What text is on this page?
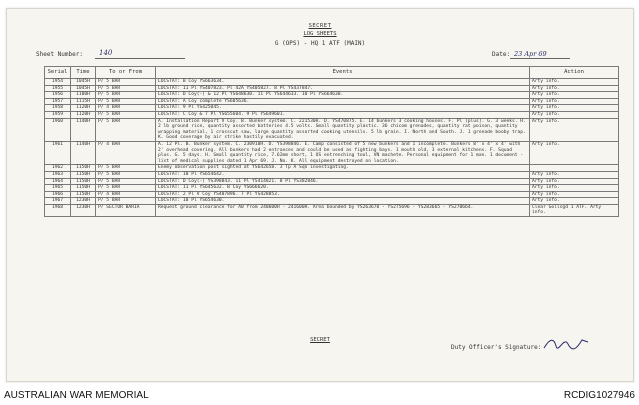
SECRET
LOG SHEETS
G (OPS) - HQ 1 ATF (MAIN)
Sheet Number: 140	Date: 23 Apr 69
Serial	Time	To or From	Events	Action
1954	1045H	P/ 5 BAR	LOCSTAT: B Coy YS663634.	Arty info.
1955	1045H	P/ 5 BAR	LOCSTAT: 11 Pl YS407823. Pl 42A YS405827. 8 Pl YS437847.	Arty info.
1956	1100H	P/ 5 BAR	LOCSTAT: D Coy(-) & 12 Pl YS648630. 11 Pl YS644633. 10 Pl YS664630.	Arty info.
1957	1115H	P/ 5 BAR	LOCSTAT: A Coy complete YS605636.	Arty info.
1958	1120H	P/ 4 BAR	LOCSTAT: 9 Pl YS425045.	Arty info.
1959	1120H	P/ 5 BAR	LOCSTAT: C Coy & 7 Pl YS655604. 9 Pl YS649601.	Arty info.
1960	1140H	P/ 5 BAR	A. Installation Report V Coy. B. Bunker system. C. 221530H. D. YS470875. E. 14 bunkers 3 cooking houses. F. Pl (plus). G. 3 weeks. H. 2 lb ground rice, quantity assorted batteries 4.5 volts. Small quantity plastic. 36 chicom grenades, quantity rat poison, quantity wrapping material, 1 crosscut saw, large quantity assorted cooking utensils. 5 lb grain. I. North and South. J. 1 grenade booby trap. K. Good coverage by air strike hastily evacuated.	Arty info.
1961	1140H	P/ 4 BAR	A. 12 Pl. B. Bunker system. C. 230910H. D. YS398846. E. Camp consisted of 5 new bunkers and 1 incomplete. Bunkers 8' x 4' x 4' with 2' overhead covering. All bunkers had 2 entrances and could be used as fighting bays. 1 mouth old, 3 external kitchens. F. Squad plus. G. 5 days. H. Small quantity rice, 7.62mm short, 1 US entrenching tool, VN machete. Personal equipment for 1 man. 1 document - list of medical supplies dated 1 Apr 69. J. No. K. All equipment destroyed on location.	Arty info.
1962	1150H	P/ 5 BAR	Enemy observation post sighted at YS642658. 3 Tp A Sqn investigating.	
1963	1150H	P/ 5 BAR	LOCSTAT: 10 Pl YS654642.	Arty info.
1964	1150H	P/ 5 BAR	LOCSTAT: D Coy(-) YS398843. 11 Pl YS414821. 8 Pl YS382846.	Arty info.
1965	1150H	P/ 5 BAR	LOCSTAT: 11 Pl YS645632. B Coy YS666620.	Arty info.
1966	1150H	P/ 4 BAR	LOCSTAT: 2 Pl V Coy YS407896. 7 Pl YS428853.	Arty info.
1967	1230H	P/ 5 BAR	LOCSTAT: 10 Pl YS654630.	Arty info.
1968	1230H	P/ SECTOR BARIA	Request ground clearance for A0 from 240600H - 241600H. Area bounded by YS263670 - YS275696 - YS283665 - YS270664.	Clear Gollsgd 1 ATF. Arty info.
SECRET
Duty Officer's Signature:
AUSTRALIAN WAR MEMORIAL	RCDIG1027946
